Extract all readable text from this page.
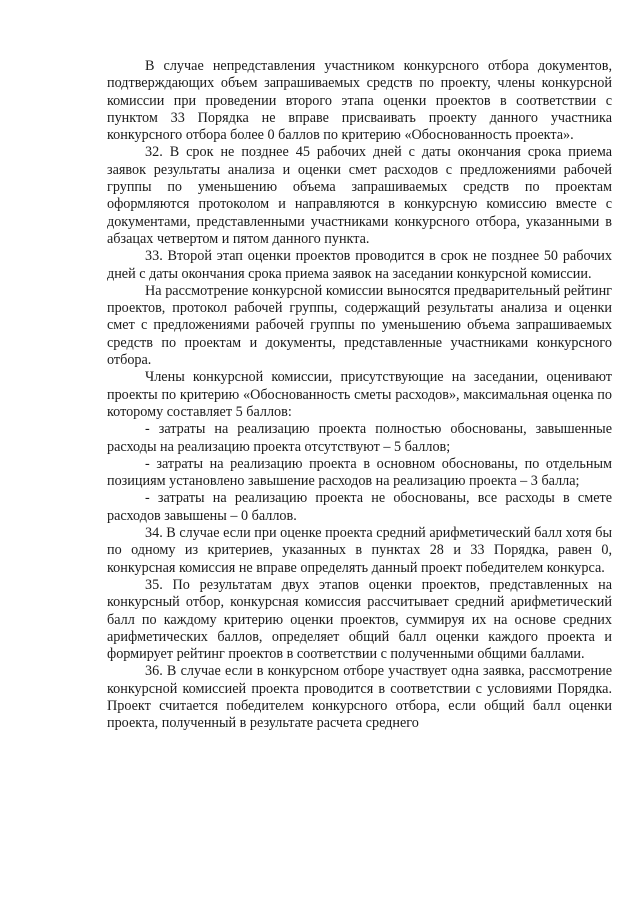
В случае непредставления участником конкурсного отбора документов, подтверждающих объем запрашиваемых средств по проекту, члены конкурсной комиссии при проведении второго этапа оценки проектов в соответствии с пунктом 33 Порядка не вправе присваивать проекту данного участника конкурсного отбора более 0 баллов по критерию «Обоснованность проекта».

32. В срок не позднее 45 рабочих дней с даты окончания срока приема заявок результаты анализа и оценки смет расходов с предложениями рабочей группы по уменьшению объема запрашиваемых средств по проектам оформляются протоколом и направляются в конкурсную комиссию вместе с документами, представленными участниками конкурсного отбора, указанными в абзацах четвертом и пятом данного пункта.

33. Второй этап оценки проектов проводится в срок не позднее 50 рабочих дней с даты окончания срока приема заявок на заседании конкурсной комиссии.

На рассмотрение конкурсной комиссии выносятся предварительный рейтинг проектов, протокол рабочей группы, содержащий результаты анализа и оценки смет с предложениями рабочей группы по уменьшению объема запрашиваемых средств по проектам и документы, представленные участниками конкурсного отбора.

Члены конкурсной комиссии, присутствующие на заседании, оценивают проекты по критерию «Обоснованность сметы расходов», максимальная оценка по которому составляет 5 баллов:

- затраты на реализацию проекта полностью обоснованы, завышенные расходы на реализацию проекта отсутствуют – 5 баллов;

- затраты на реализацию проекта в основном обоснованы, по отдельным позициям установлено завышение расходов на реализацию проекта – 3 балла;

- затраты на реализацию проекта не обоснованы, все расходы в смете расходов завышены – 0 баллов.

34. В случае если при оценке проекта средний арифметический балл хотя бы по одному из критериев, указанных в пунктах 28 и 33 Порядка, равен 0, конкурсная комиссия не вправе определять данный проект победителем конкурса.

35. По результатам двух этапов оценки проектов, представленных на конкурсный отбор, конкурсная комиссия рассчитывает средний арифметический балл по каждому критерию оценки проектов, суммируя их на основе средних арифметических баллов, определяет общий балл оценки каждого проекта и формирует рейтинг проектов в соответствии с полученными общими баллами.

36. В случае если в конкурсном отборе участвует одна заявка, рассмотрение конкурсной комиссией проекта проводится в соответствии с условиями Порядка. Проект считается победителем конкурсного отбора, если общий балл оценки проекта, полученный в результате расчета среднего
